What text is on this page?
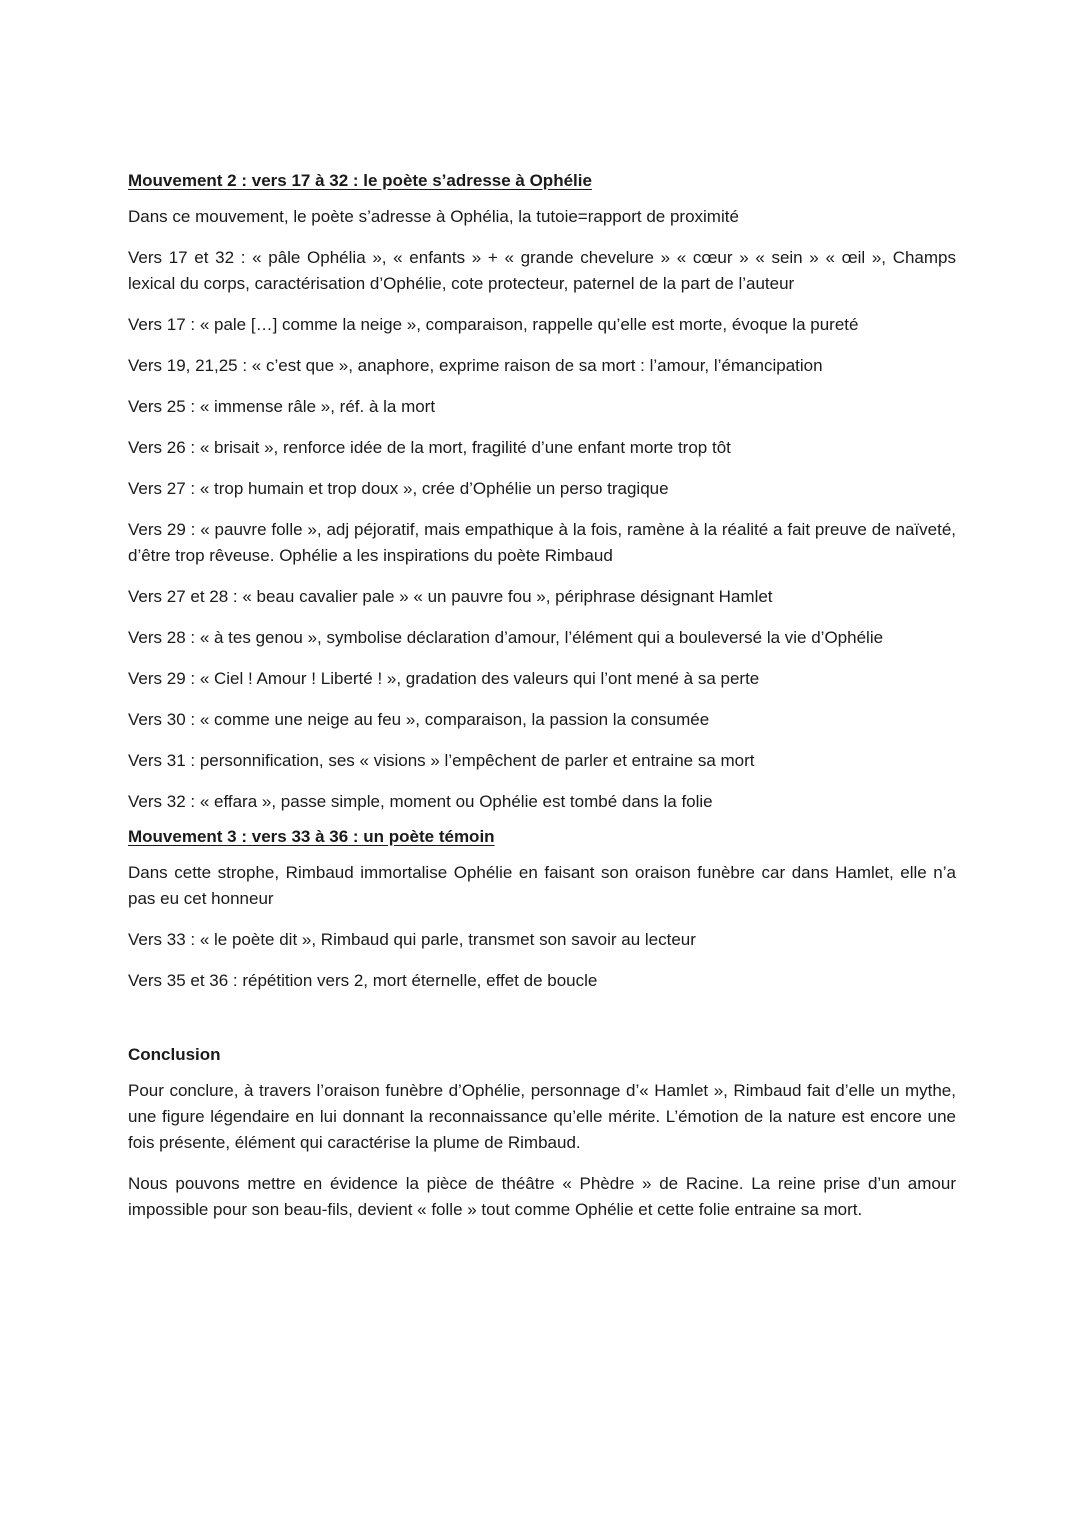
Mouvement 2 : vers 17 à 32 : le poète s’adresse à Ophélie

Dans ce mouvement, le poète s’adresse à Ophélia, la tutoie=rapport de proximité

Vers 17 et 32 : « pâle Ophélia », « enfants » + « grande chevelure » « cœur » « sein » « œil », Champs lexical du corps, caractérisation d’Ophélie, cote protecteur, paternel de la part de l’auteur

Vers 17 : « pale […] comme la neige », comparaison, rappelle qu’elle est morte, évoque la pureté

Vers 19, 21,25 : « c’est que », anaphore, exprime raison de sa mort : l’amour, l’émancipation

Vers 25 : « immense râle », réf. à la mort

Vers 26 : « brisait », renforce idée de la mort, fragilité d’une enfant morte trop tôt

Vers 27 : « trop humain et trop doux », crée d’Ophélie un perso tragique

Vers 29 : « pauvre folle », adj péjoratif, mais empathique à la fois, ramène à la réalité a fait preuve de naïveté, d’être trop rêveuse. Ophélie a les inspirations du poète Rimbaud

Vers 27 et 28 : « beau cavalier pale » « un pauvre fou », périphrase désignant Hamlet

Vers 28 : « à tes genou », symbolise déclaration d’amour, l’élément qui a bouleversé la vie d’Ophélie

Vers 29 : « Ciel ! Amour ! Liberté ! », gradation des valeurs qui l’ont mené à sa perte

Vers 30 : « comme une neige au feu », comparaison, la passion la consumée

Vers 31 : personnification, ses « visions » l’empêchent de parler et entraine sa mort

Vers 32 : « effara », passe simple, moment ou Ophélie est tombé dans la folie

Mouvement 3 : vers 33 à 36 : un poète témoin

Dans cette strophe, Rimbaud immortalise Ophélie en faisant son oraison funèbre car dans Hamlet, elle n’a pas eu cet honneur

Vers 33 : « le poète dit », Rimbaud qui parle, transmet son savoir au lecteur

Vers 35 et 36 : répétition vers 2, mort éternelle, effet de boucle

Conclusion

Pour conclure, à travers l’oraison funèbre d’Ophélie, personnage d’« Hamlet », Rimbaud fait d’elle un mythe, une figure légendaire en lui donnant la reconnaissance qu’elle mérite. L’émotion de la nature est encore une fois présente, élément qui caractérise la plume de Rimbaud.

Nous pouvons mettre en évidence la pièce de théâtre « Phèdre » de Racine. La reine prise d’un amour impossible pour son beau-fils, devient « folle » tout comme Ophélie et cette folie entraine sa mort.
